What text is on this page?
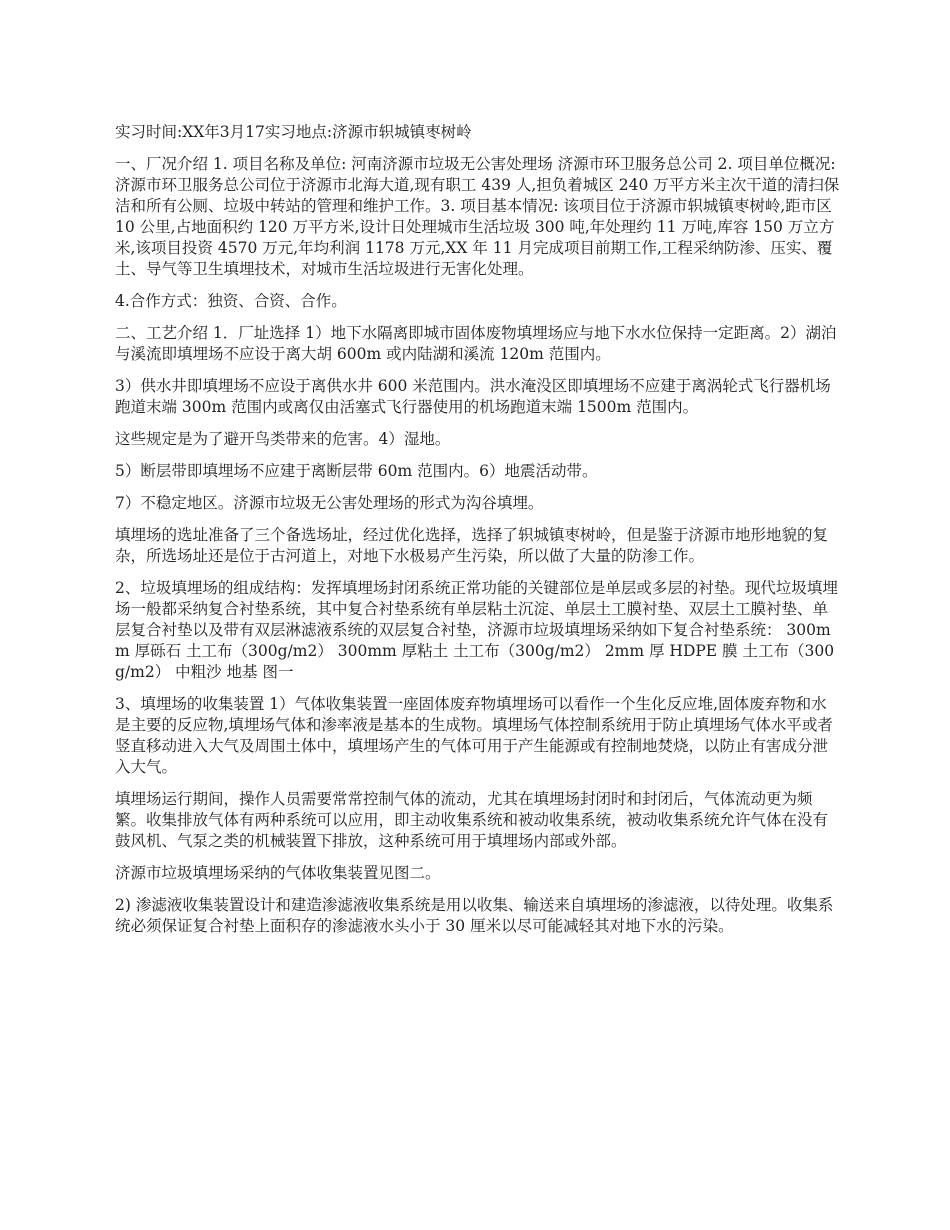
实习时间:XX年3月17实习地点:济源市轵城镇枣树岭

一、厂况介绍 1. 项目名称及单位: 河南济源市垃圾无公害处理场 济源市环卫服务总公司 2. 项目单位概况: 济源市环卫服务总公司位于济源市北海大道,现有职工 439 人,担负着城区 240 万平方米主次干道的清扫保洁和所有公厕、垃圾中转站的管理和维护工作。3. 项目基本情况: 该项目位于济源市轵城镇枣树岭,距市区 10 公里,占地面积约 120 万平方米,设计日处理城市生活垃圾 300 吨,年处理约 11 万吨,库容 150 万立方米,该项目投资 4570 万元,年均利润 1178 万元,XX 年 11 月完成项目前期工作,工程采纳防渗、压实、覆土、导气等卫生填埋技术，对城市生活垃圾进行无害化处理。

4.合作方式：独资、合资、合作。

二、工艺介绍 1．厂址选择 1）地下水隔离即城市固体废物填埋场应与地下水水位保持一定距离。2）湖泊与溪流即填埋场不应设于离大胡 600m 或内陆湖和溪流 120m 范围内。

3）供水井即填埋场不应设于离供水井 600 米范围内。洪水淹没区即填埋场不应建于离涡轮式飞行器机场跑道末端 300m 范围内或离仅由活塞式飞行器使用的机场跑道末端 1500m 范围内。

这些规定是为了避开鸟类带来的危害。4）湿地。

5）断层带即填埋场不应建于离断层带 60m 范围内。6）地震活动带。

7）不稳定地区。济源市垃圾无公害处理场的形式为沟谷填埋。

填埋场的选址准备了三个备选场址，经过优化选择，选择了轵城镇枣树岭，但是鉴于济源市地形地貌的复杂，所选场址还是位于古河道上，对地下水极易产生污染，所以做了大量的防渗工作。

2、垃圾填埋场的组成结构：发挥填埋场封闭系统正常功能的关键部位是单层或多层的衬垫。现代垃圾填埋场一般都采纳复合衬垫系统，其中复合衬垫系统有单层粘土沉淀、单层土工膜衬垫、双层土工膜衬垫、单层复合衬垫以及带有双层淋滤液系统的双层复合衬垫，济源市垃圾填埋场采纳如下复合衬垫系统： 300mm 厚砾石 土工布（300g/m2） 300mm 厚粘土 土工布（300g/m2） 2mm 厚 HDPE 膜 土工布（300g/m2） 中粗沙 地基 图一

3、填埋场的收集装置 1）气体收集装置一座固体废弃物填埋场可以看作一个生化反应堆,固体废弃物和水是主要的反应物,填埋场气体和渗率液是基本的生成物。填埋场气体控制系统用于防止填埋场气体水平或者竖直移动进入大气及周围土体中，填埋场产生的气体可用于产生能源或有控制地焚烧，以防止有害成分泄入大气。

填埋场运行期间，操作人员需要常常控制气体的流动，尤其在填埋场封闭时和封闭后，气体流动更为频繁。收集排放气体有两种系统可以应用，即主动收集系统和被动收集系统，被动收集系统允许气体在没有鼓风机、气泵之类的机械装置下排放，这种系统可用于填埋场内部或外部。

济源市垃圾填埋场采纳的气体收集装置见图二。

2) 渗滤液收集装置设计和建造渗滤液收集系统是用以收集、输送来自填埋场的渗滤液，以待处理。收集系统必须保证复合衬垫上面积存的渗滤液水头小于 30 厘米以尽可能减轻其对地下水的污染。
